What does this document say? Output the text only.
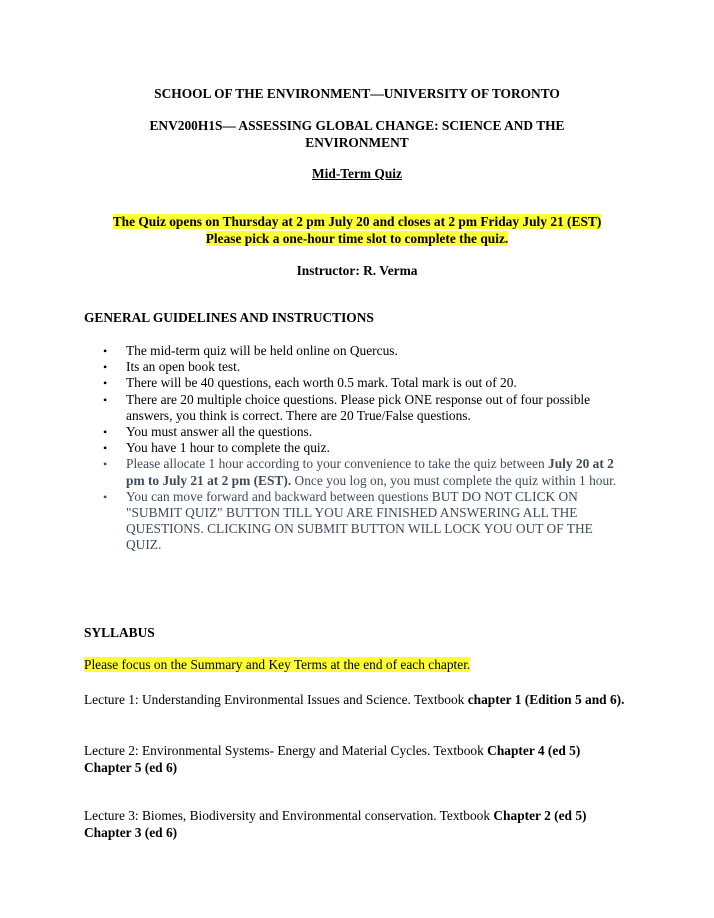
SCHOOL OF THE ENVIRONMENT—UNIVERSITY OF TORONTO
ENV200H1S— ASSESSING GLOBAL CHANGE: SCIENCE AND THE
ENVIRONMENT
Mid-Term Quiz
The Quiz opens on Thursday at 2 pm July 20 and closes at 2 pm Friday July 21 (EST)
Please pick a one-hour time slot to complete the quiz.
Instructor: R. Verma
GENERAL GUIDELINES AND INSTRUCTIONS
• The mid-term quiz will be held online on Quercus.
• Its an open book test.
• There will be 40 questions, each worth 0.5 mark. Total mark is out of 20.
• There are 20 multiple choice questions. Please pick ONE response out of four possible answers, you think is correct. There are 20 True/False questions.
• You must answer all the questions.
• You have 1 hour to complete the quiz.
• Please allocate 1 hour according to your convenience to take the quiz between July 20 at 2 pm to July 21 at 2 pm (EST). Once you log on, you must complete the quiz within 1 hour.
• You can move forward and backward between questions BUT DO NOT CLICK ON "SUBMIT QUIZ" BUTTON TILL YOU ARE FINISHED ANSWERING ALL THE QUESTIONS. CLICKING ON SUBMIT BUTTON WILL LOCK YOU OUT OF THE QUIZ.
SYLLABUS
Please focus on the Summary and Key Terms at the end of each chapter.
Lecture 1: Understanding Environmental Issues and Science. Textbook chapter 1 (Edition 5 and 6).
Lecture 2: Environmental Systems- Energy and Material Cycles. Textbook Chapter 4 (ed 5) Chapter 5 (ed 6)
Lecture 3: Biomes, Biodiversity and Environmental conservation. Textbook Chapter 2 (ed 5) Chapter 3 (ed 6)
